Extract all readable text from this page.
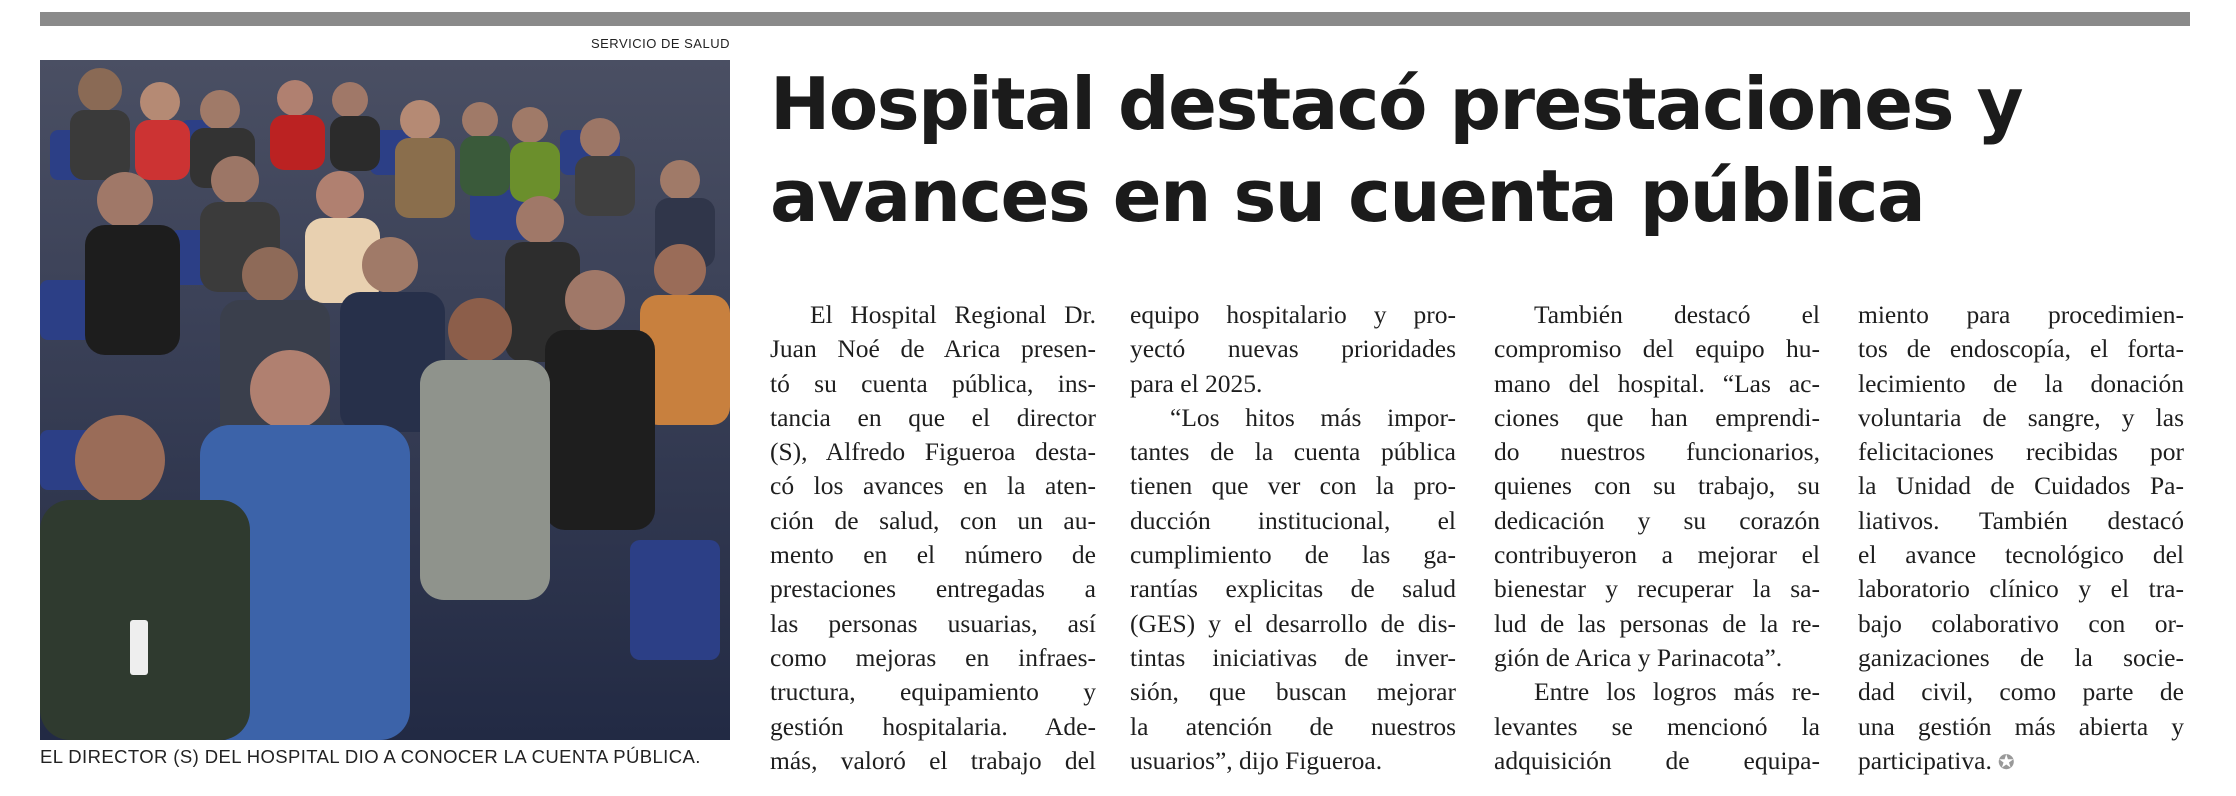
SERVICIO DE SALUD
EL DIRECTOR (S) DEL HOSPITAL DIO A CONOCER LA CUENTA PÚBLICA.
Hospital destacó prestaciones y
avances en su cuenta pública
El Hospital Regional Dr.
Juan Noé de Arica presen-
tó su cuenta pública, ins-
tancia en que el director
(S), Alfredo Figueroa desta-
có los avances en la aten-
ción de salud, con un au-
mento en el número de
prestaciones entregadas a
las personas usuarias, así
como mejoras en infraes-
tructura, equipamiento y
gestión hospitalaria. Ade-
más, valoró el trabajo del
equipo hospitalario y pro-
yectó nuevas prioridades
para el 2025.
“Los hitos más impor-
tantes de la cuenta pública
tienen que ver con la pro-
ducción institucional, el
cumplimiento de las ga-
rantías explicitas de salud
(GES) y el desarrollo de dis-
tintas iniciativas de inver-
sión, que buscan mejorar
la atención de nuestros
usuarios”, dijo Figueroa.
También destacó el
compromiso del equipo hu-
mano del hospital. “Las ac-
ciones que han emprendi-
do nuestros funcionarios,
quienes con su trabajo, su
dedicación y su corazón
contribuyeron a mejorar el
bienestar y recuperar la sa-
lud de las personas de la re-
gión de Arica y Parinacota”.
Entre los logros más re-
levantes se mencionó la
adquisición de equipa-
miento para procedimien-
tos de endoscopía, el forta-
lecimiento de la donación
voluntaria de sangre, y las
felicitaciones recibidas por
la Unidad de Cuidados Pa-
liativos. También destacó
el avance tecnológico del
laboratorio clínico y el tra-
bajo colaborativo con or-
ganizaciones de la socie-
dad civil, como parte de
una gestión más abierta y
participativa. ✪
